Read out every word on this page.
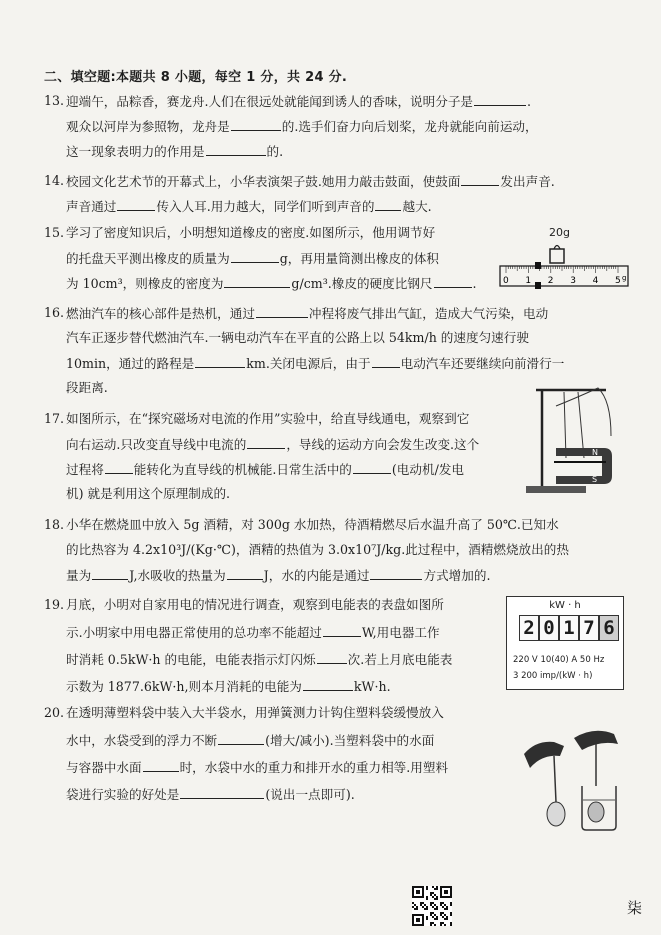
二、填空题:本题共 8 小题，每空 1 分，共 24 分.
13. 迎端午，品粽香，赛龙舟.人们在很远处就能闻到诱人的香味，说明分子是	.
观众以河岸为参照物，龙舟是	的.选手们奋力向后划桨，龙舟就能向前运动，
这一现象表明力的作用是	的.
14. 校园文化艺术节的开幕式上，小华表演架子鼓.她用力敲击鼓面，使鼓面	发出声音.
声音通过	传入人耳.用力越大，同学们听到声音的 越大.
15. 学习了密度知识后，小明想知道橡皮的密度.如图所示，他用调节好
的托盘天平测出橡皮的质量为	g，再用量筒测出橡皮的体积
为 10cm³，则橡皮的密度为	g/cm³.橡皮的硬度比钢尺	.
16. 燃油汽车的核心部件是热机，通过	冲程将废气排出气缸，造成大气污染，电动
汽车正逐步替代燃油汽车.一辆电动汽车在平直的公路上以 54km/h 的速度匀速行驶
10min，通过的路程是	km.关闭电源后，由于 电动汽车还要继续向前滑行一
段距离.
17. 如图所示，在“探究磁场对电流的作用”实验中，给直导线通电，观察到它
向右运动.只改变直导线中电流的	，导线的运动方向会发生改变.这个
过程将 能转化为直导线的机械能.日常生活中的	(电动机/发电
机) 就是利用这个原理制成的.
18. 小华在燃烧皿中放入 5g 酒精，对 300g 水加热，待酒精燃尽后水温升高了 50℃.已知水
的比热容为 4.2x10³J/(Kg·℃)，酒精的热值为 3.0x10⁷J/kg.此过程中，酒精燃烧放出的热
量为	J,水吸收的热量为	J，水的内能是通过	方式增加的.
19. 月底，小明对自家用电的情况进行调查，观察到电能表的表盘如图所
示.小明家中用电器正常使用的总功率不能超过	W,用电器工作
时消耗 0.5kW·h 的电能，电能表指示灯闪烁	次.若上月底电能表
示数为 1877.6kW·h,则本月消耗的电能为	kW·h.
20. 在透明薄塑料袋中装入大半袋水，用弹簧测力计钩住塑料袋缓慢放入
水中，水袋受到的浮力不断	(增大/减小).当塑料袋中的水面
与容器中水面	时，水袋中水的重力和排开水的重力相等.用塑料
袋进行实验的好处是	(说出一点即可).
20g
0 1 2 3 4 5 g
N
S
kW · h
2 0 1 7 6
220 V 10(40) A 50 Hz
3 200 imp/(kW · h)
柒
